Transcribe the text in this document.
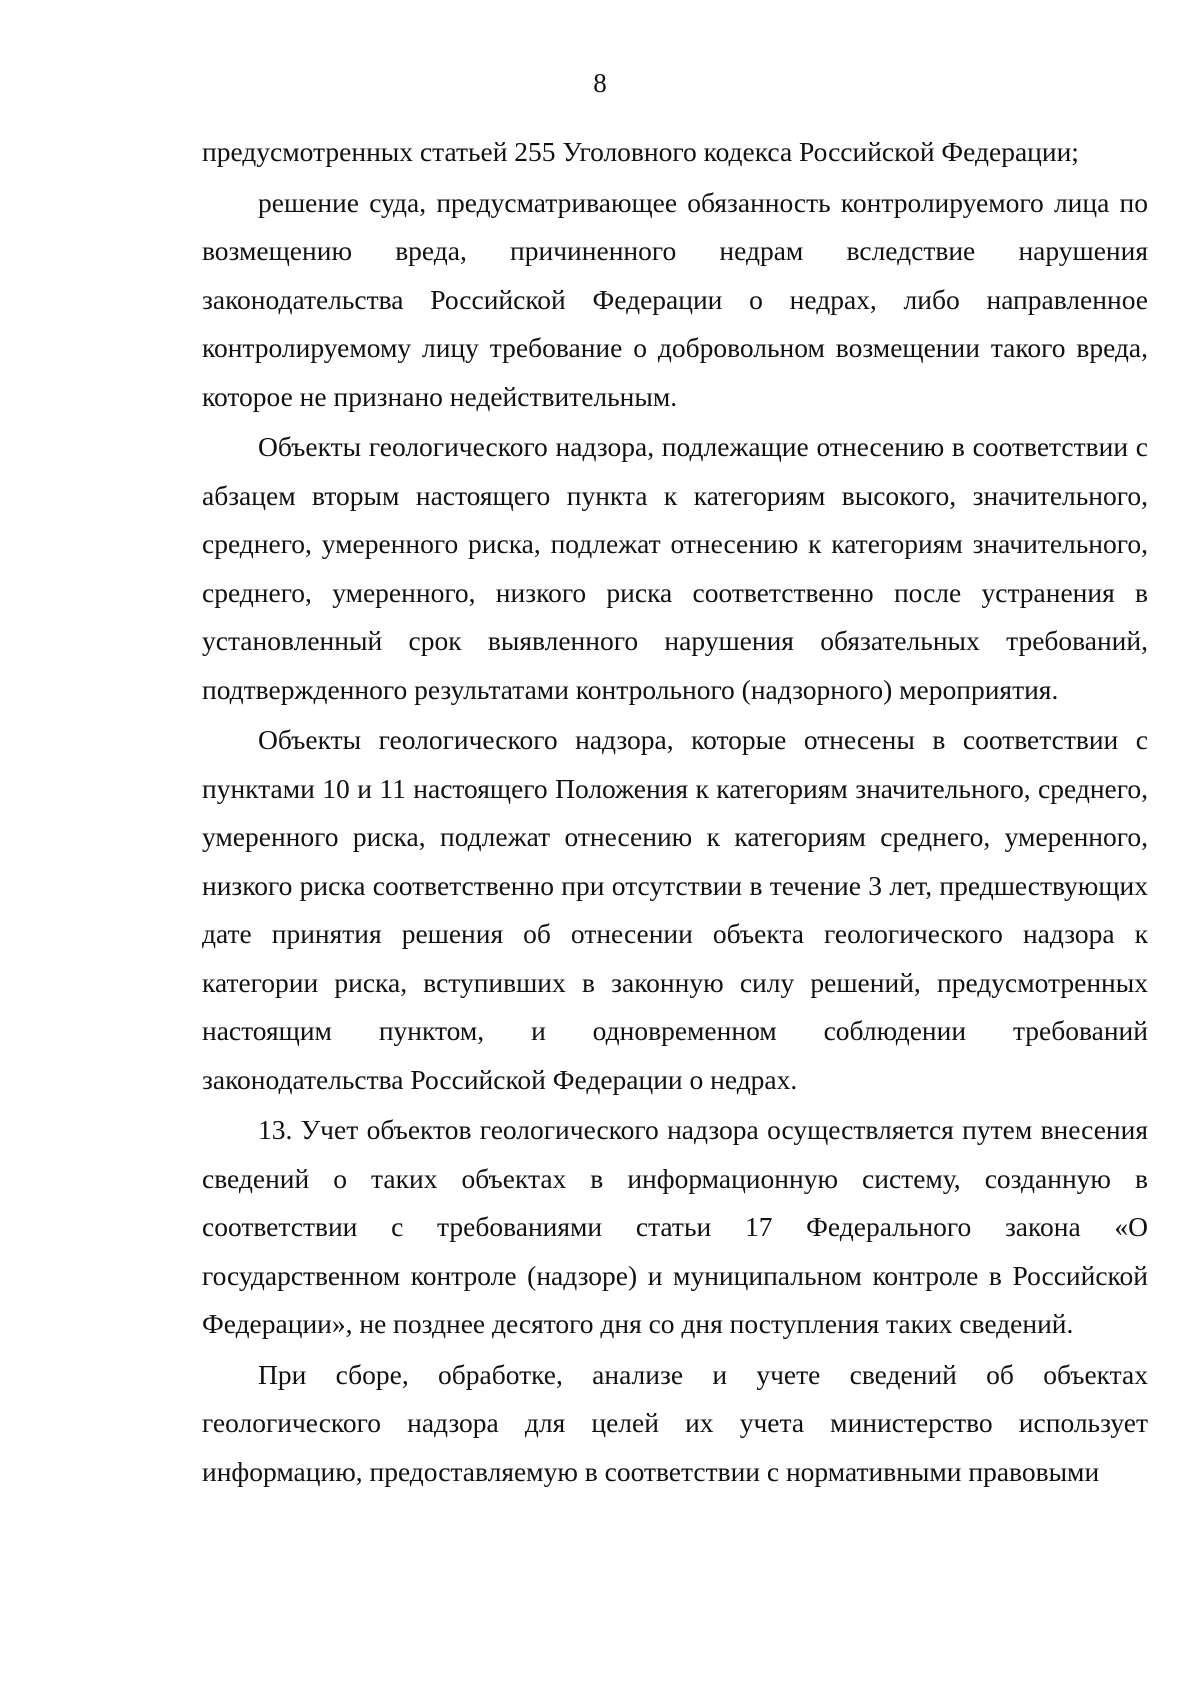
8

предусмотренных статьей 255 Уголовного кодекса Российской Федерации;

решение суда, предусматривающее обязанность контролируемого лица по возмещению вреда, причиненного недрам вследствие нарушения законодательства Российской Федерации о недрах, либо направленное контролируемому лицу требование о добровольном возмещении такого вреда, которое не признано недействительным.

Объекты геологического надзора, подлежащие отнесению в соответствии с абзацем вторым настоящего пункта к категориям высокого, значительного, среднего, умеренного риска, подлежат отнесению к категориям значительного, среднего, умеренного, низкого риска соответственно после устранения в установленный срок выявленного нарушения обязательных требований, подтвержденного результатами контрольного (надзорного) мероприятия.

Объекты геологического надзора, которые отнесены в соответствии с пунктами 10 и 11 настоящего Положения к категориям значительного, среднего, умеренного риска, подлежат отнесению к категориям среднего, умеренного, низкого риска соответственно при отсутствии в течение 3 лет, предшествующих дате принятия решения об отнесении объекта геологического надзора к категории риска, вступивших в законную силу решений, предусмотренных настоящим пунктом, и одновременном соблюдении требований законодательства Российской Федерации о недрах.

13. Учет объектов геологического надзора осуществляется путем внесения сведений о таких объектах в информационную систему, созданную в соответствии с требованиями статьи 17 Федерального закона «О государственном контроле (надзоре) и муниципальном контроле в Российской Федерации», не позднее десятого дня со дня поступления таких сведений.

При сборе, обработке, анализе и учете сведений об объектах геологического надзора для целей их учета министерство использует информацию, предоставляемую в соответствии с нормативными правовыми
